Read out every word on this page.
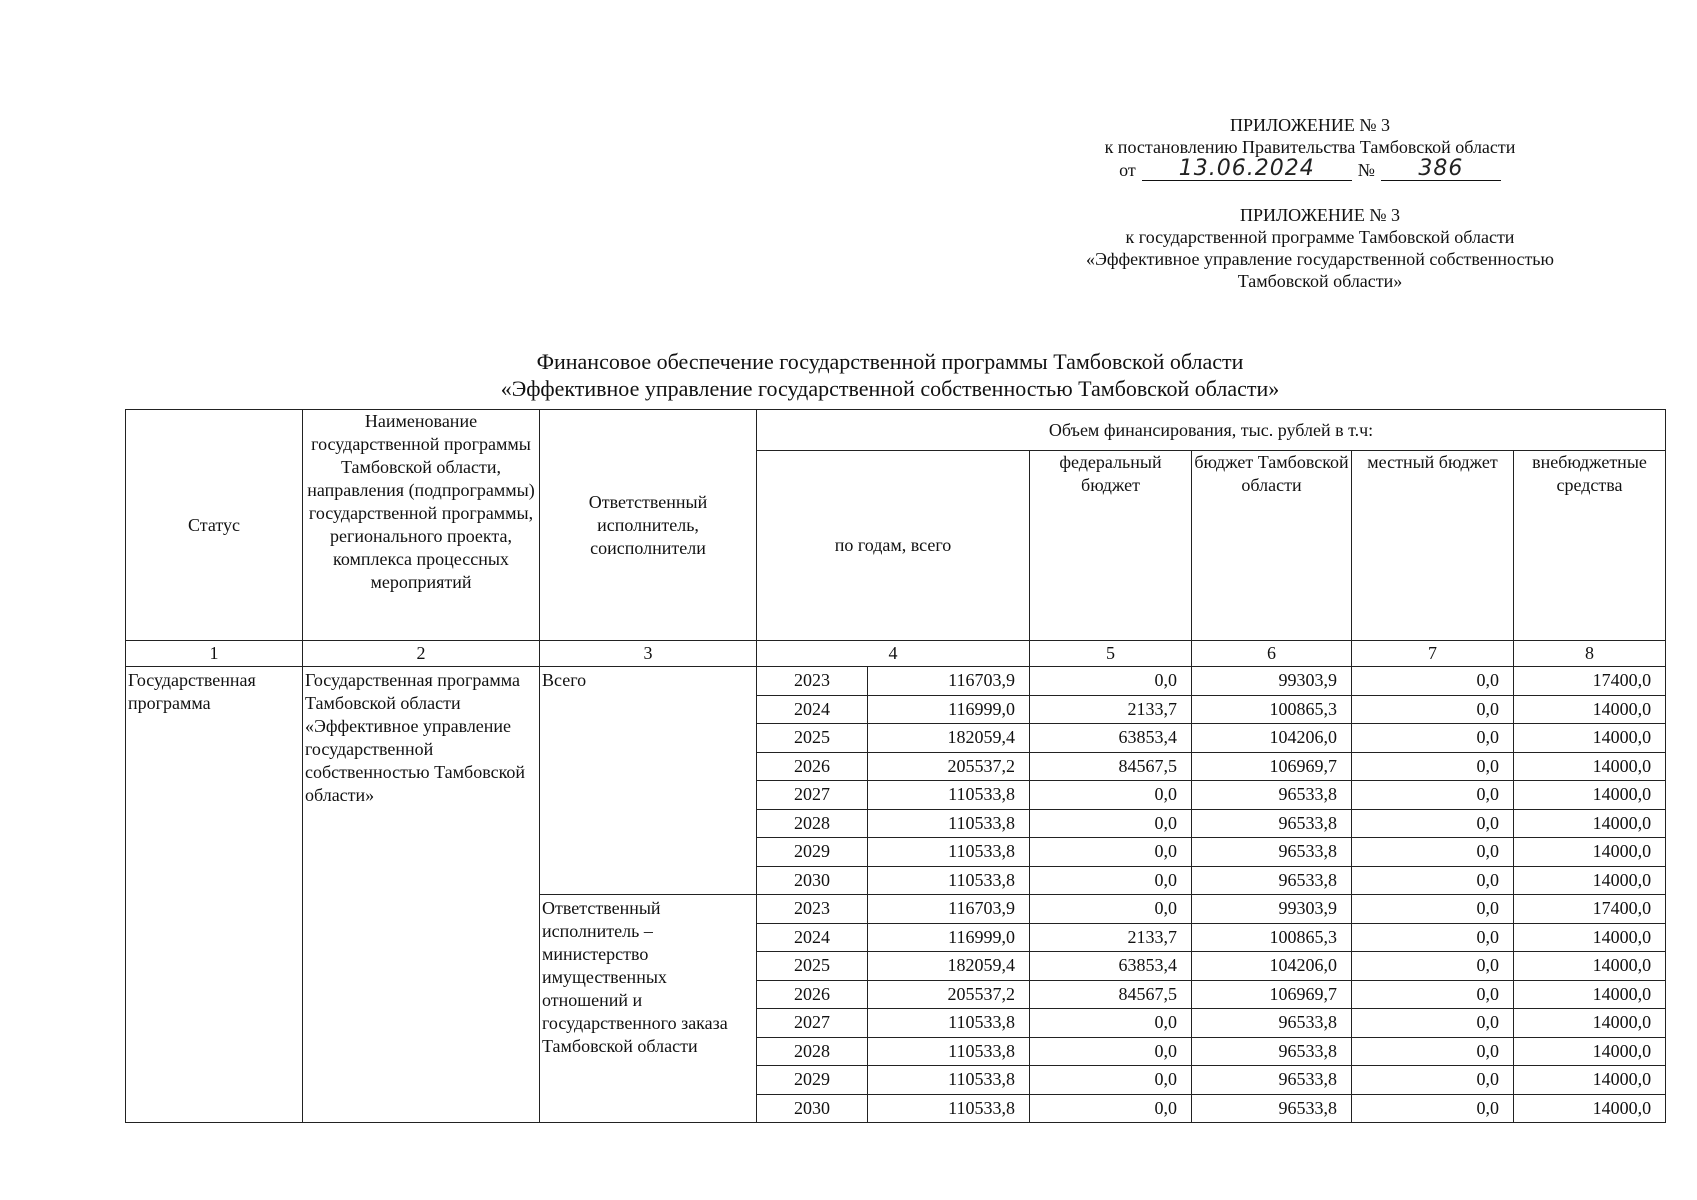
ПРИЛОЖЕНИЕ № 3
к постановлению Правительства Тамбовской области
от	13.06.2024	№	386
ПРИЛОЖЕНИЕ № 3
к государственной программе Тамбовской области
«Эффективное управление государственной собственностью
Тамбовской области»
Финансовое обеспечение государственной программы Тамбовской области
«Эффективное управление государственной собственностью Тамбовской области»
Статус	Наименование государственной программы Тамбовской области, направления (подпрограммы) государственной программы, регионального проекта, комплекса процессных мероприятий	Ответственный исполнитель, соисполнители	Объем финансирования, тыс. рублей в т.ч:					
			по годам, всего		федеральный бюджет	бюджет Тамбовской области	местный бюджет	внебюджетные средства
1	2	3	4		5	6	7	8
Государственная программа	Государственная программа Тамбовской области «Эффективное управление государственной собственностью Тамбовской области»	Всего	2023	116703,9	0,0	99303,9	0,0	17400,0
			2024	116999,0	2133,7	100865,3	0,0	14000,0
			2025	182059,4	63853,4	104206,0	0,0	14000,0
			2026	205537,2	84567,5	106969,7	0,0	14000,0
			2027	110533,8	0,0	96533,8	0,0	14000,0
			2028	110533,8	0,0	96533,8	0,0	14000,0
			2029	110533,8	0,0	96533,8	0,0	14000,0
			2030	110533,8	0,0	96533,8	0,0	14000,0
		Ответственный исполнитель – министерство имущественных отношений и государственного заказа Тамбовской области	2023	116703,9	0,0	99303,9	0,0	17400,0
			2024	116999,0	2133,7	100865,3	0,0	14000,0
			2025	182059,4	63853,4	104206,0	0,0	14000,0
			2026	205537,2	84567,5	106969,7	0,0	14000,0
			2027	110533,8	0,0	96533,8	0,0	14000,0
			2028	110533,8	0,0	96533,8	0,0	14000,0
			2029	110533,8	0,0	96533,8	0,0	14000,0
			2030	110533,8	0,0	96533,8	0,0	14000,0
